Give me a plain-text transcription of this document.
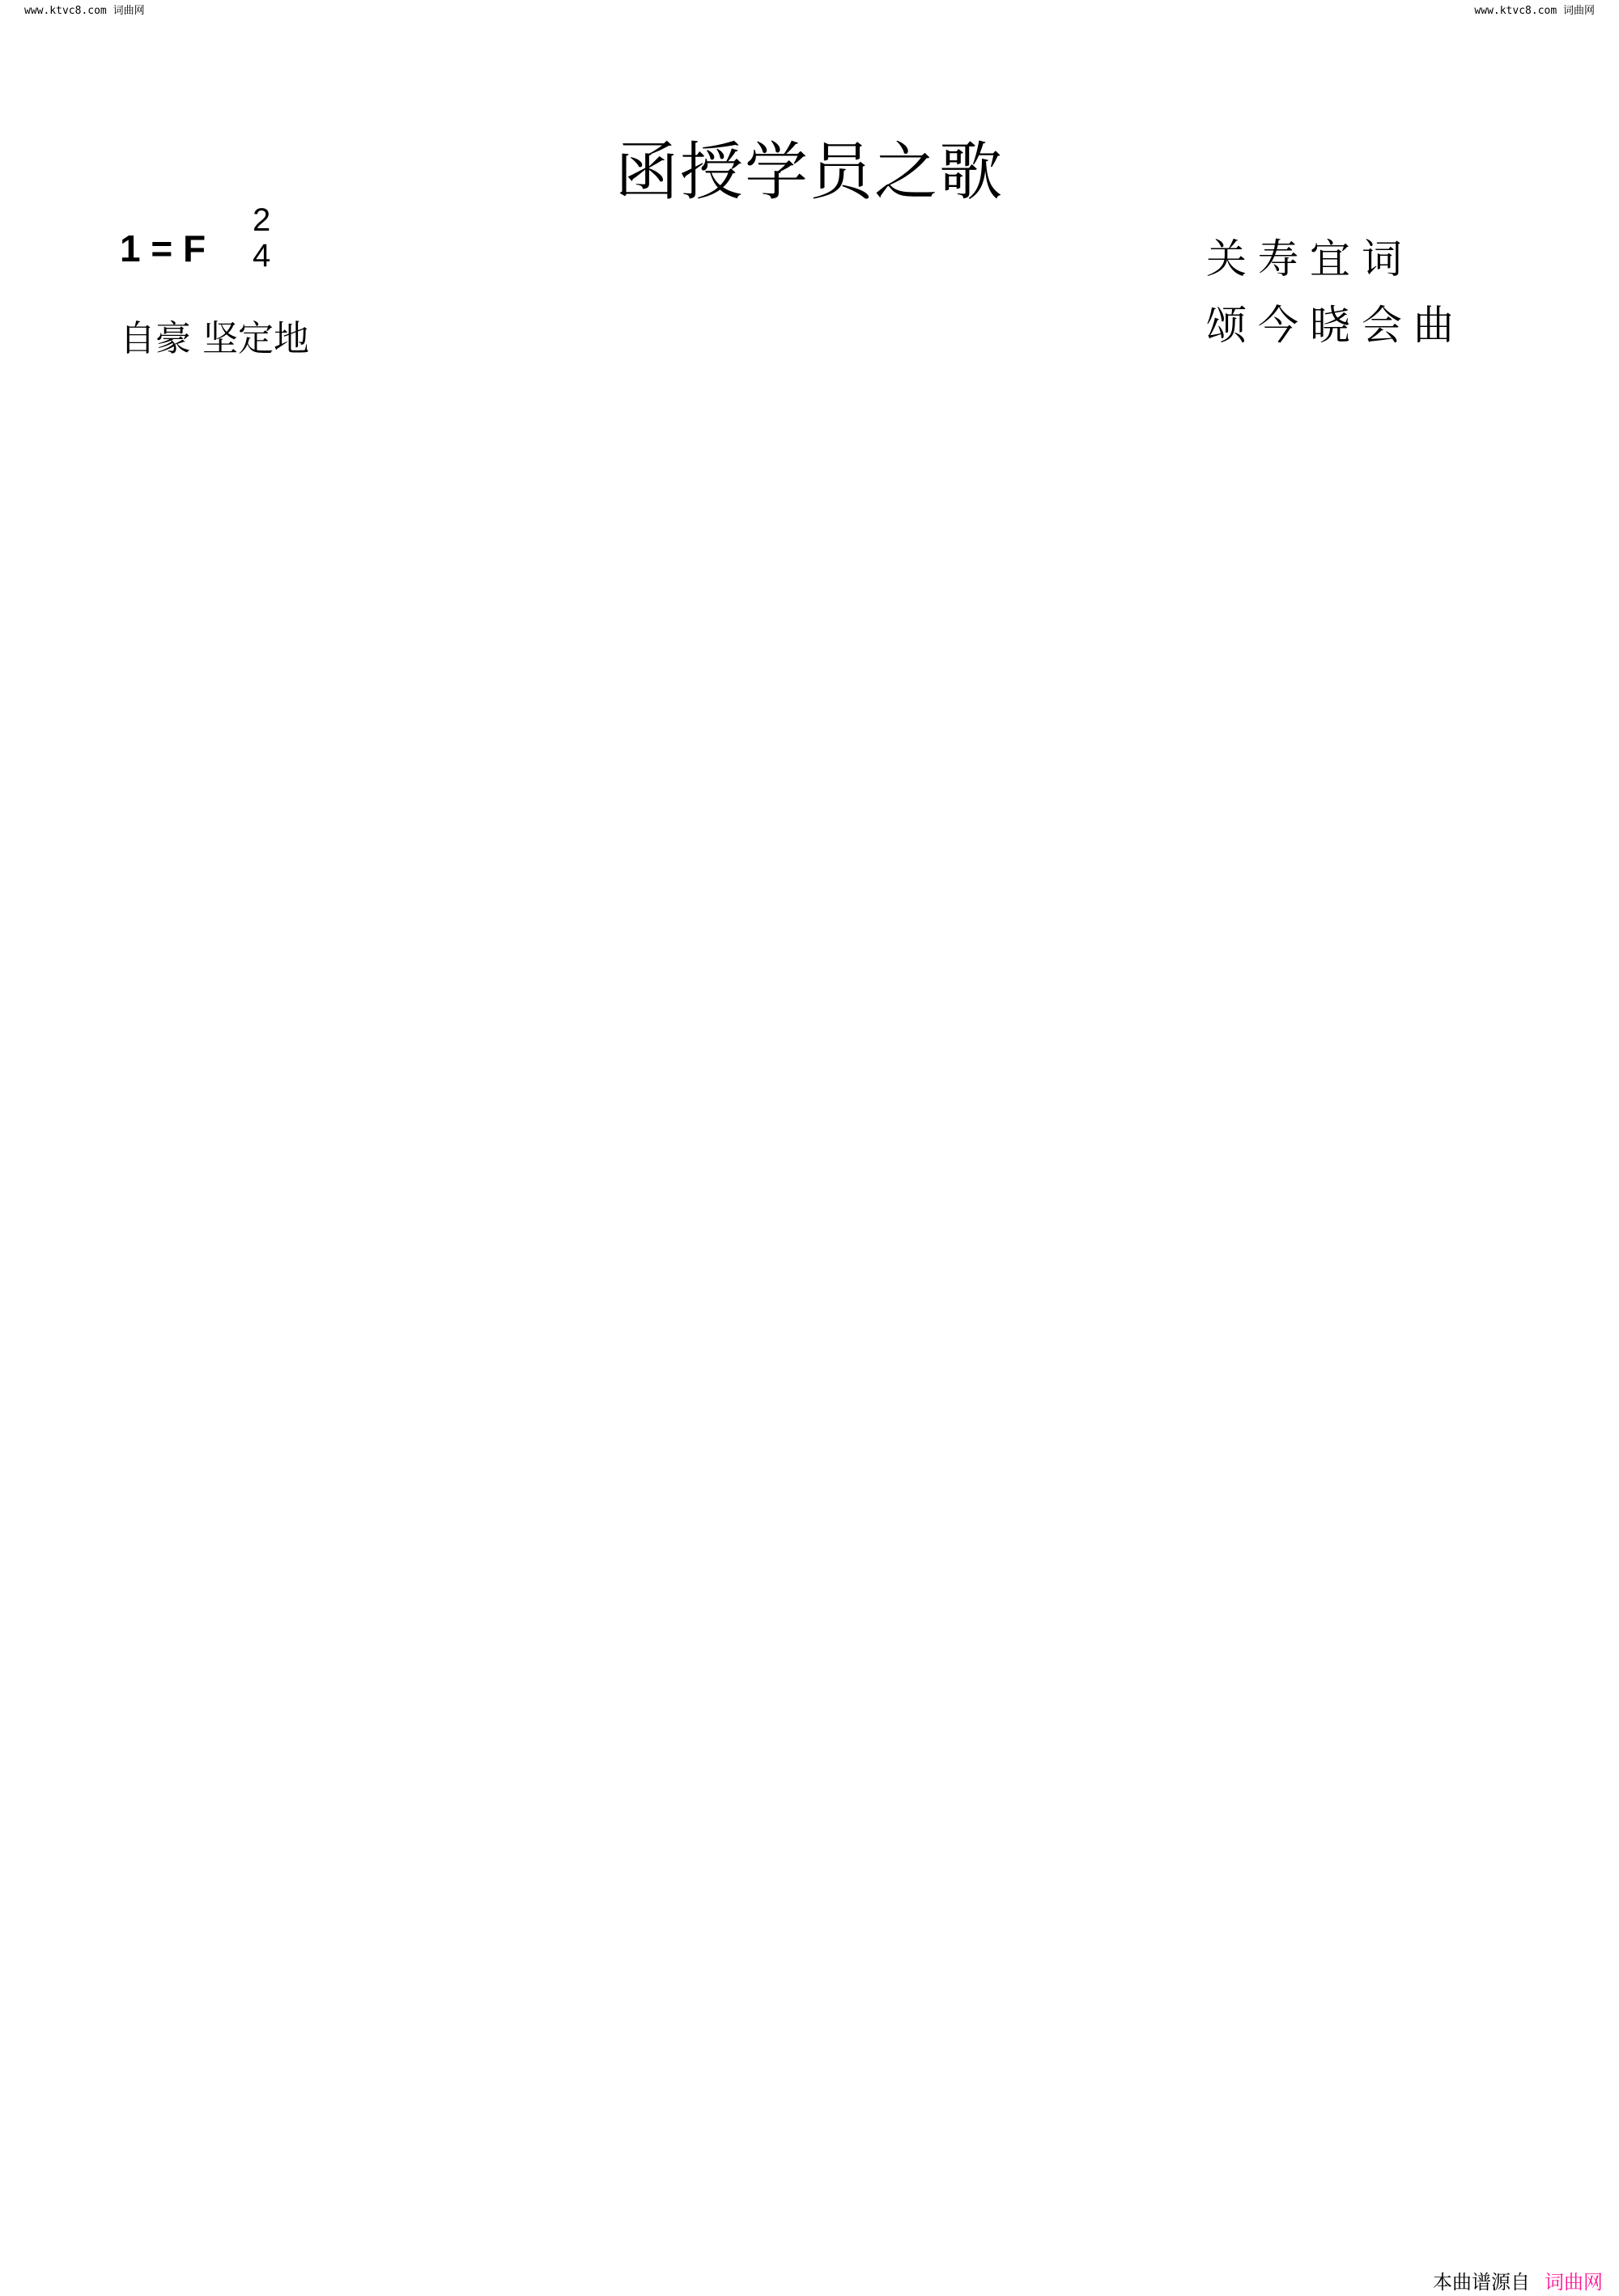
www.ktvc8.com 词曲网	www.ktvc8.com 词曲网
函授学员之歌
1 = F
2
4
自豪 坚定地
关寿宜词
颂今晓会曲
本曲谱源自 词曲网
